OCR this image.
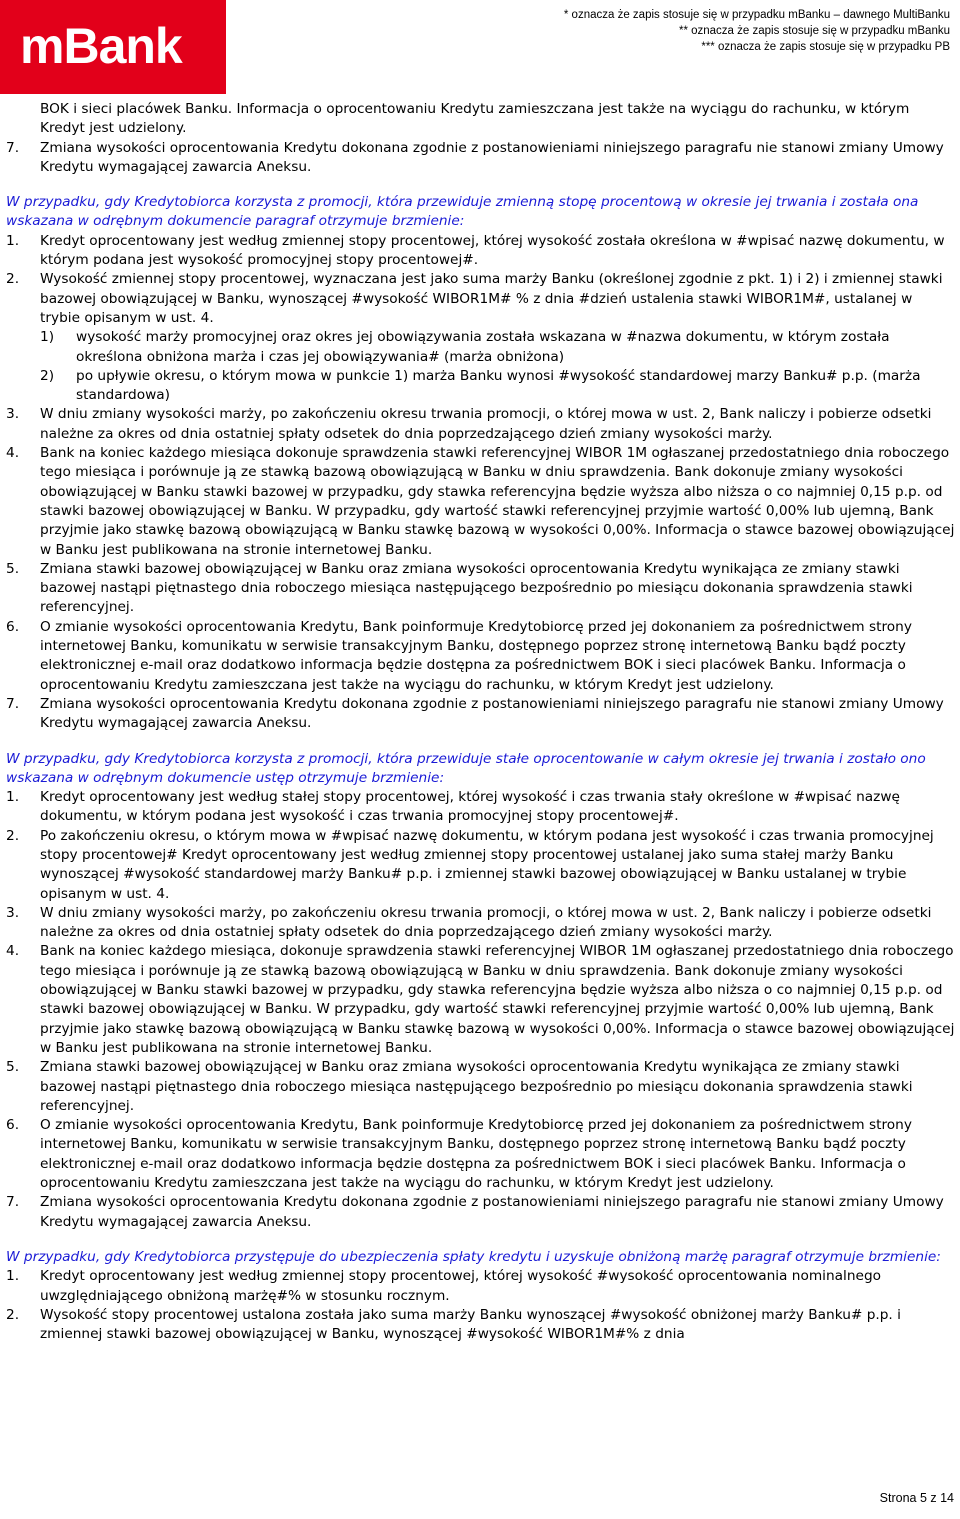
mBank
* oznacza że zapis stosuje się w przypadku mBanku – dawnego MultiBanku
** oznacza że zapis stosuje się w przypadku mBanku
*** oznacza że zapis stosuje się w przypadku PB
BOK i sieci placówek Banku. Informacja o oprocentowaniu Kredytu zamieszczana jest także na wyciągu do rachunku, w którym Kredyt jest udzielony.
7. Zmiana wysokości oprocentowania Kredytu dokonana zgodnie z postanowieniami niniejszego paragrafu nie stanowi zmiany Umowy Kredytu wymagającej zawarcia Aneksu.

W przypadku, gdy Kredytobiorca korzysta z promocji, która przewiduje zmienną stopę procentową w okresie jej trwania i została ona wskazana w odrębnym dokumencie paragraf otrzymuje brzmienie:

1. Kredyt oprocentowany jest według zmiennej stopy procentowej, której wysokość została określona w #wpisać nazwę dokumentu, w którym podana jest wysokość promocyjnej stopy procentowej#.
2. Wysokość zmiennej stopy procentowej, wyznaczana jest jako suma marży Banku (określonej zgodnie z pkt. 1) i 2) i zmiennej stawki bazowej obowiązującej w Banku, wynoszącej #wysokość WIBOR1M# % z dnia #dzień ustalenia stawki WIBOR1M#, ustalanej w trybie opisanym w ust. 4.
1) wysokość marży promocyjnej oraz okres jej obowiązywania została wskazana w #nazwa dokumentu, w którym została określona obniżona marża i czas jej obowiązywania# (marża obniżona)
2) po upływie okresu, o którym mowa w punkcie 1) marża Banku wynosi #wysokość standardowej marzy Banku# p.p. (marża standardowa)
3. W dniu zmiany wysokości marży, po zakończeniu okresu trwania promocji, o której mowa w ust. 2, Bank naliczy i pobierze odsetki należne za okres od dnia ostatniej spłaty odsetek do dnia poprzedzającego dzień zmiany wysokości marży.
4. Bank na koniec każdego miesiąca dokonuje sprawdzenia stawki referencyjnej WIBOR 1M ogłaszanej przedostatniego dnia roboczego tego miesiąca i porównuje ją ze stawką bazową obowiązującą w Banku w dniu sprawdzenia. Bank dokonuje zmiany wysokości obowiązującej w Banku stawki bazowej w przypadku, gdy stawka referencyjna będzie wyższa albo niższa o co najmniej 0,15 p.p. od stawki bazowej obowiązującej w Banku. W przypadku, gdy wartość stawki referencyjnej przyjmie wartość 0,00% lub ujemną, Bank przyjmie jako stawkę bazową obowiązującą w Banku stawkę bazową w wysokości 0,00%. Informacja o stawce bazowej obowiązującej w Banku jest publikowana na stronie internetowej Banku.
5. Zmiana stawki bazowej obowiązującej w Banku oraz zmiana wysokości oprocentowania Kredytu wynikająca ze zmiany stawki bazowej nastąpi piętnastego dnia roboczego miesiąca następującego bezpośrednio po miesiącu dokonania sprawdzenia stawki referencyjnej.
6. O zmianie wysokości oprocentowania Kredytu, Bank poinformuje Kredytobiorcę przed jej dokonaniem za pośrednictwem strony internetowej Banku, komunikatu w serwisie transakcyjnym Banku, dostępnego poprzez stronę internetową Banku bądź poczty elektronicznej e-mail oraz dodatkowo informacja będzie dostępna za pośrednictwem BOK i sieci placówek Banku. Informacja o oprocentowaniu Kredytu zamieszczana jest także na wyciągu do rachunku, w którym Kredyt jest udzielony.
7. Zmiana wysokości oprocentowania Kredytu dokonana zgodnie z postanowieniami niniejszego paragrafu nie stanowi zmiany Umowy Kredytu wymagającej zawarcia Aneksu.

W przypadku, gdy Kredytobiorca korzysta z promocji, która przewiduje stałe oprocentowanie w całym okresie jej trwania i zostało ono wskazana w odrębnym dokumencie ustęp otrzymuje brzmienie:

1. Kredyt oprocentowany jest według stałej stopy procentowej, której wysokość i czas trwania stały określone w #wpisać nazwę dokumentu, w którym podana jest wysokość i czas trwania promocyjnej stopy procentowej#.
2. Po zakończeniu okresu, o którym mowa w #wpisać nazwę dokumentu, w którym podana jest wysokość i czas trwania promocyjnej stopy procentowej# Kredyt oprocentowany jest według zmiennej stopy procentowej ustalanej jako suma stałej marży Banku wynoszącej #wysokość standardowej marży Banku# p.p. i zmiennej stawki bazowej obowiązującej w Banku ustalanej w trybie opisanym w ust. 4.
3. W dniu zmiany wysokości marży, po zakończeniu okresu trwania promocji, o której mowa w ust. 2, Bank naliczy i pobierze odsetki należne za okres od dnia ostatniej spłaty odsetek do dnia poprzedzającego dzień zmiany wysokości marży.
4. Bank na koniec każdego miesiąca, dokonuje sprawdzenia stawki referencyjnej WIBOR 1M ogłaszanej przedostatniego dnia roboczego tego miesiąca i porównuje ją ze stawką bazową obowiązującą w Banku w dniu sprawdzenia. Bank dokonuje zmiany wysokości obowiązującej w Banku stawki bazowej w przypadku, gdy stawka referencyjna będzie wyższa albo niższa o co najmniej 0,15 p.p. od stawki bazowej obowiązującej w Banku. W przypadku, gdy wartość stawki referencyjnej przyjmie wartość 0,00% lub ujemną, Bank przyjmie jako stawkę bazową obowiązującą w Banku stawkę bazową w wysokości 0,00%. Informacja o stawce bazowej obowiązującej w Banku jest publikowana na stronie internetowej Banku.
5. Zmiana stawki bazowej obowiązującej w Banku oraz zmiana wysokości oprocentowania Kredytu wynikająca ze zmiany stawki bazowej nastąpi piętnastego dnia roboczego miesiąca następującego bezpośrednio po miesiącu dokonania sprawdzenia stawki referencyjnej.
6. O zmianie wysokości oprocentowania Kredytu, Bank poinformuje Kredytobiorcę przed jej dokonaniem za pośrednictwem strony internetowej Banku, komunikatu w serwisie transakcyjnym Banku, dostępnego poprzez stronę internetową Banku bądź poczty elektronicznej e-mail oraz dodatkowo informacja będzie dostępna za pośrednictwem BOK i sieci placówek Banku. Informacja o oprocentowaniu Kredytu zamieszczana jest także na wyciągu do rachunku, w którym Kredyt jest udzielony.
7. Zmiana wysokości oprocentowania Kredytu dokonana zgodnie z postanowieniami niniejszego paragrafu nie stanowi zmiany Umowy Kredytu wymagającej zawarcia Aneksu.

W przypadku, gdy Kredytobiorca przystępuje do ubezpieczenia spłaty kredytu i uzyskuje obniżoną marżę paragraf otrzymuje brzmienie:

1. Kredyt oprocentowany jest według zmiennej stopy procentowej, której wysokość #wysokość oprocentowania nominalnego uwzględniającego obniżoną marżę#% w stosunku rocznym.
2. Wysokość stopy procentowej ustalona została jako suma marży Banku wynoszącej #wysokość obniżonej marży Banku# p.p. i zmiennej stawki bazowej obowiązującej w Banku, wynoszącej #wysokość WIBOR1M#% z dnia
Strona 5 z 14
